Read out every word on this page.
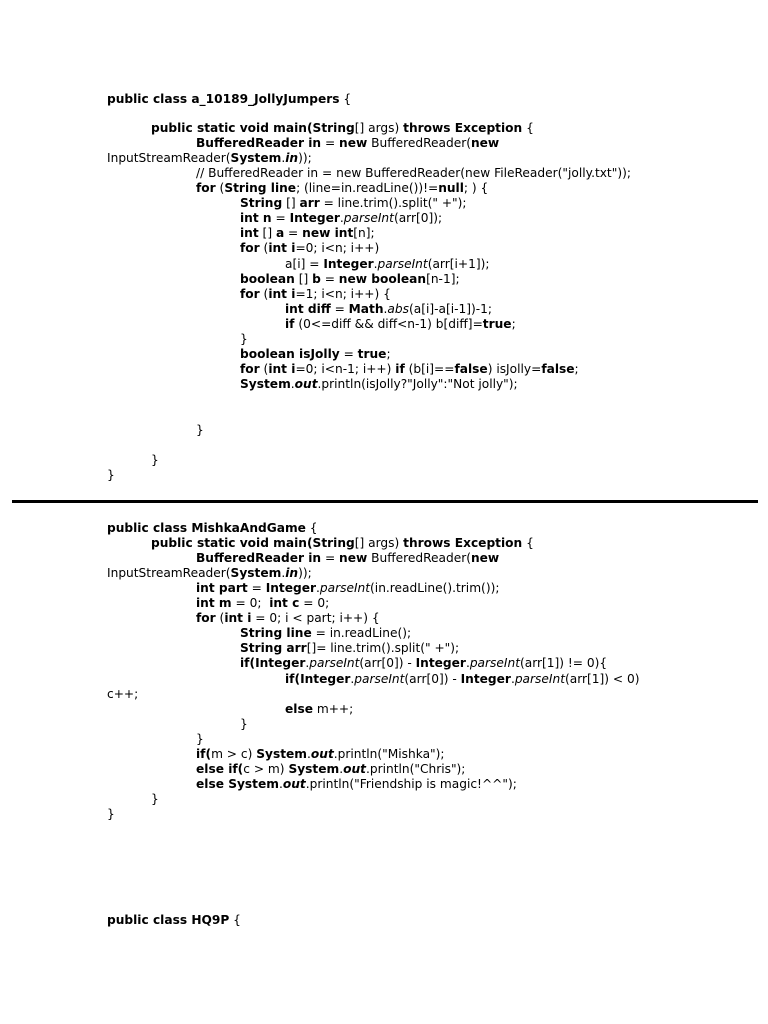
public class a_10189_JollyJumpers {
public static void main(String[] args) throws Exception {
BufferedReader in = new BufferedReader(new
InputStreamReader(System.in));
// BufferedReader in = new BufferedReader(new FileReader("jolly.txt"));
for (String line; (line=in.readLine())!=null; ) {
String [] arr = line.trim().split(" +");
int n = Integer.parseInt(arr[0]);
int [] a = new int[n];
for (int i=0; i<n; i++)
a[i] = Integer.parseInt(arr[i+1]);
boolean [] b = new boolean[n-1];
for (int i=1; i<n; i++) {
int diff = Math.abs(a[i]-a[i-1])-1;
if (0<=diff && diff<n-1) b[diff]=true;
}
boolean isJolly = true;
for (int i=0; i<n-1; i++) if (b[i]==false) isJolly=false;
System.out.println(isJolly?"Jolly":"Not jolly");
}
}
}
public class MishkaAndGame {
public static void main(String[] args) throws Exception {
BufferedReader in = new BufferedReader(new
InputStreamReader(System.in));
int part = Integer.parseInt(in.readLine().trim());
int m = 0;  int c = 0;
for (int i = 0; i < part; i++) {
String line = in.readLine();
String arr[]= line.trim().split(" +");
if(Integer.parseInt(arr[0]) - Integer.parseInt(arr[1]) != 0){
if(Integer.parseInt(arr[0]) - Integer.parseInt(arr[1]) < 0)
c++;
else m++;
}
}
if(m > c) System.out.println("Mishka");
else if(c > m) System.out.println("Chris");
else System.out.println("Friendship is magic!^^");
}
}
public class HQ9P {
